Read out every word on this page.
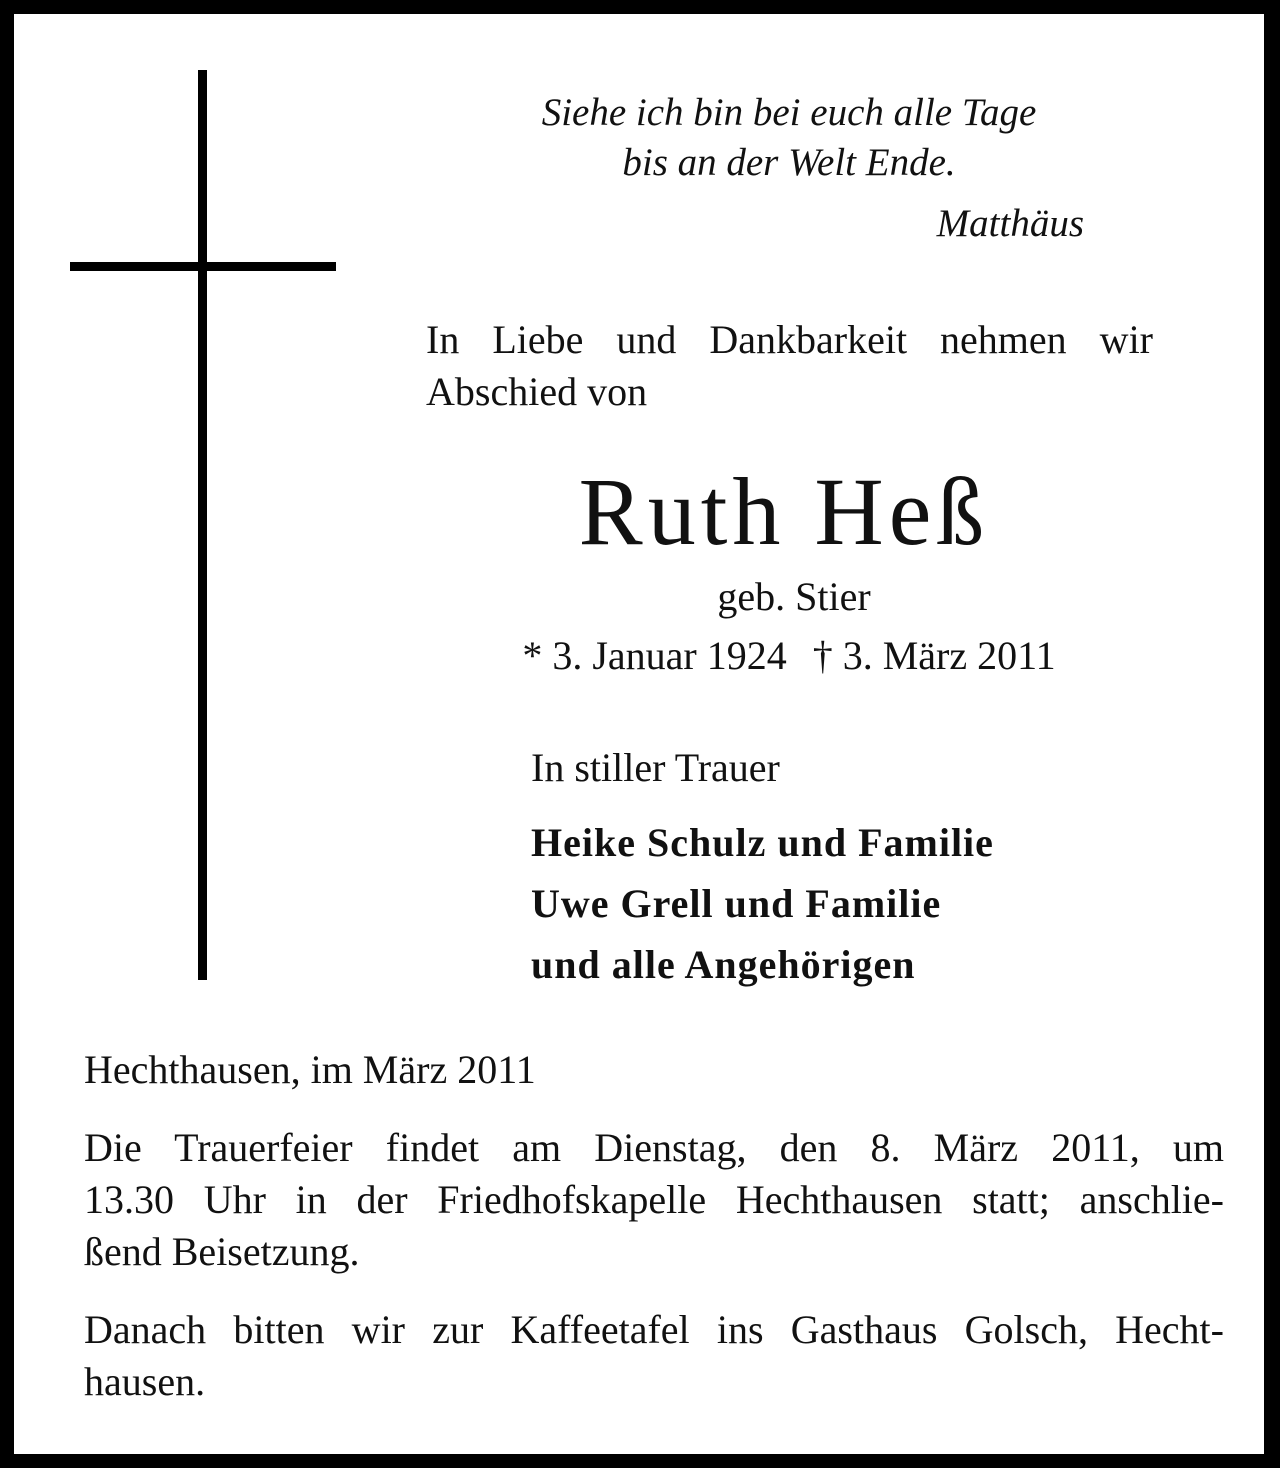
Siehe ich bin bei euch alle Tage
bis an der Welt Ende.
Matthäus
In Liebe und Dankbarkeit nehmen wir
Abschied von
Ruth Heß
geb. Stier
* 3. Januar 1924 † 3. März 2011
In stiller Trauer
Heike Schulz und Familie
Uwe Grell und Familie
und alle Angehörigen
Hechthausen, im März 2011
Die Trauerfeier findet am Dienstag, den 8. März 2011, um
13.30 Uhr in der Friedhofskapelle Hechthausen statt; anschlie-
ßend Beisetzung.
Danach bitten wir zur Kaffeetafel ins Gasthaus Golsch, Hecht-
hausen.
